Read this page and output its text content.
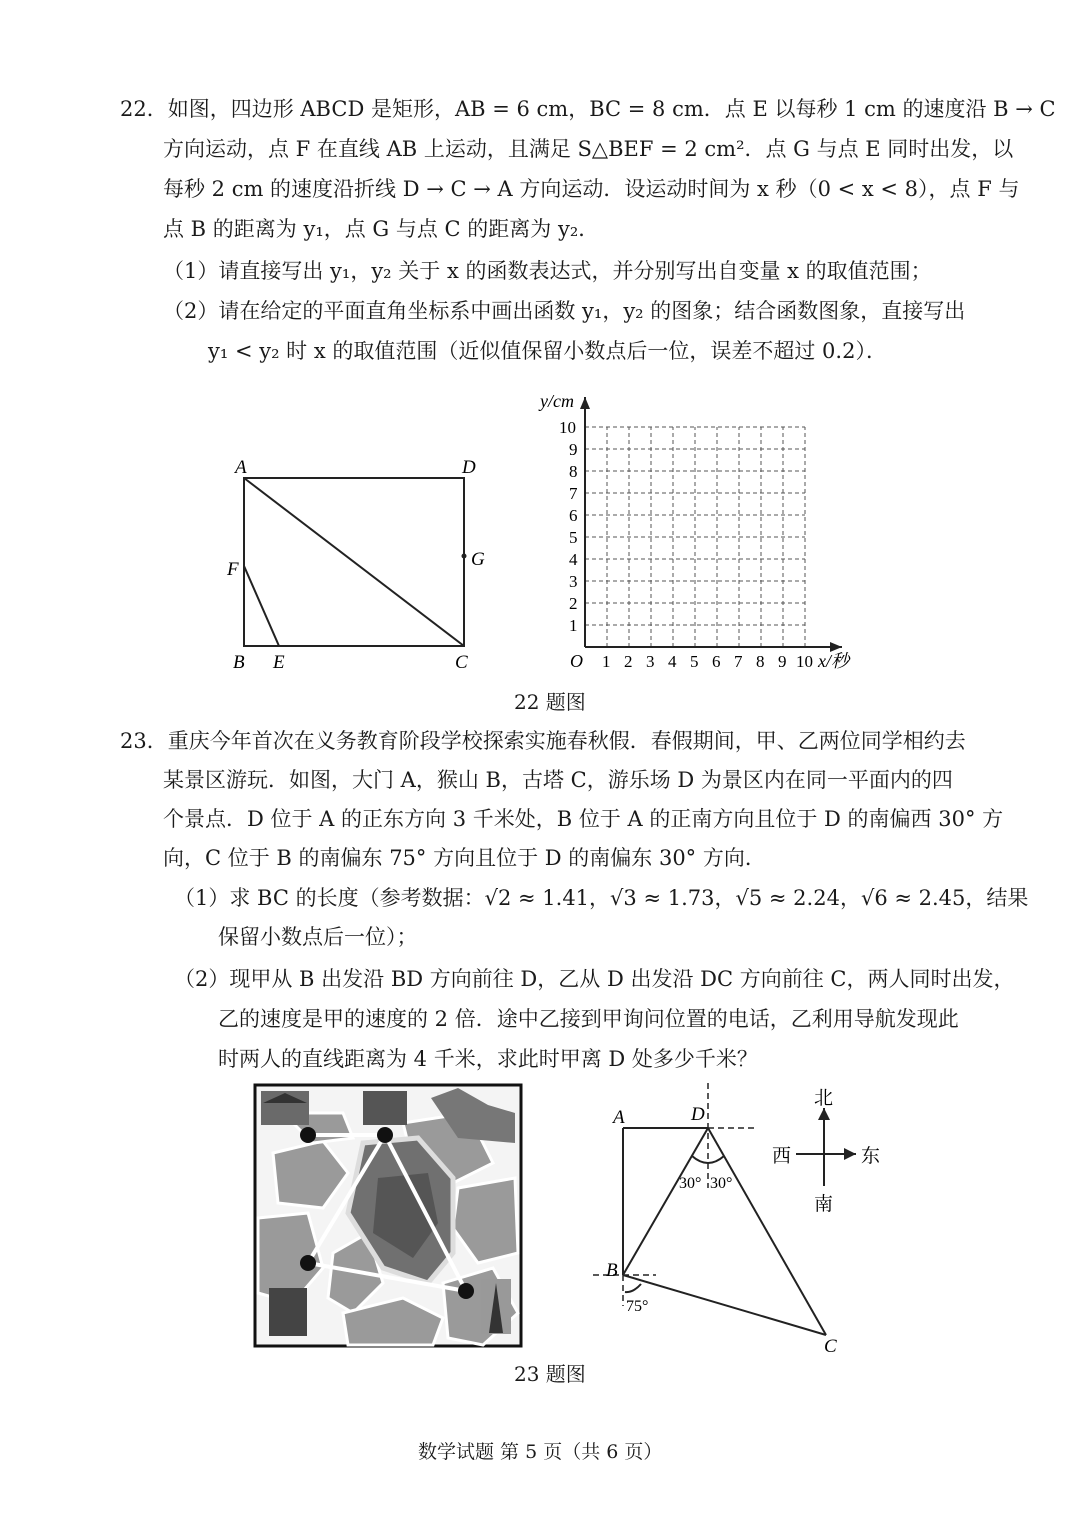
22．如图，四边形 ABCD 是矩形，AB = 6 cm，BC = 8 cm．点 E 以每秒 1 cm 的速度沿 B → C
方向运动，点 F 在直线 AB 上运动，且满足 S△BEF = 2 cm²．点 G 与点 E 同时出发，以
每秒 2 cm 的速度沿折线 D → C → A 方向运动．设运动时间为 x 秒（0 < x < 8），点 F 与
点 B 的距离为 y₁，点 G 与点 C 的距离为 y₂．
（1）请直接写出 y₁，y₂ 关于 x 的函数表达式，并分别写出自变量 x 的取值范围；
（2）请在给定的平面直角坐标系中画出函数 y₁，y₂ 的图象；结合函数图象，直接写出
y₁ < y₂ 时 x 的取值范围（近似值保留小数点后一位，误差不超过 0.2）．
A	D
F	G
B E	C	1 2 3 4 5 6 7 8 9 10
1
2
3
4
5
6
7
8
9
10
y/cm
x/秒
O
22 题图
23．重庆今年首次在义务教育阶段学校探索实施春秋假．春假期间，甲、乙两位同学相约去
某景区游玩．如图，大门 A，猴山 B，古塔 C，游乐场 D 为景区内在同一平面内的四
个景点．D 位于 A 的正东方向 3 千米处，B 位于 A 的正南方向且位于 D 的南偏西 30° 方
向，C 位于 B 的南偏东 75° 方向且位于 D 的南偏东 30° 方向．
（1）求 BC 的长度（参考数据：√2 ≈ 1.41，√3 ≈ 1.73，√5 ≈ 2.24，√6 ≈ 2.45，结果
保留小数点后一位）；
（2）现甲从 B 出发沿 BD 方向前往 D，乙从 D 出发沿 DC 方向前往 C，两人同时出发，
乙的速度是甲的速度的 2 倍．途中乙接到甲询问位置的电话，乙利用导航发现此
时两人的直线距离为 4 千米，求此时甲离 D 处多少千米？
A	D
B
C
30° 30°
75°
北
南
西	东
23 题图
数学试题 第 5 页（共 6 页）
